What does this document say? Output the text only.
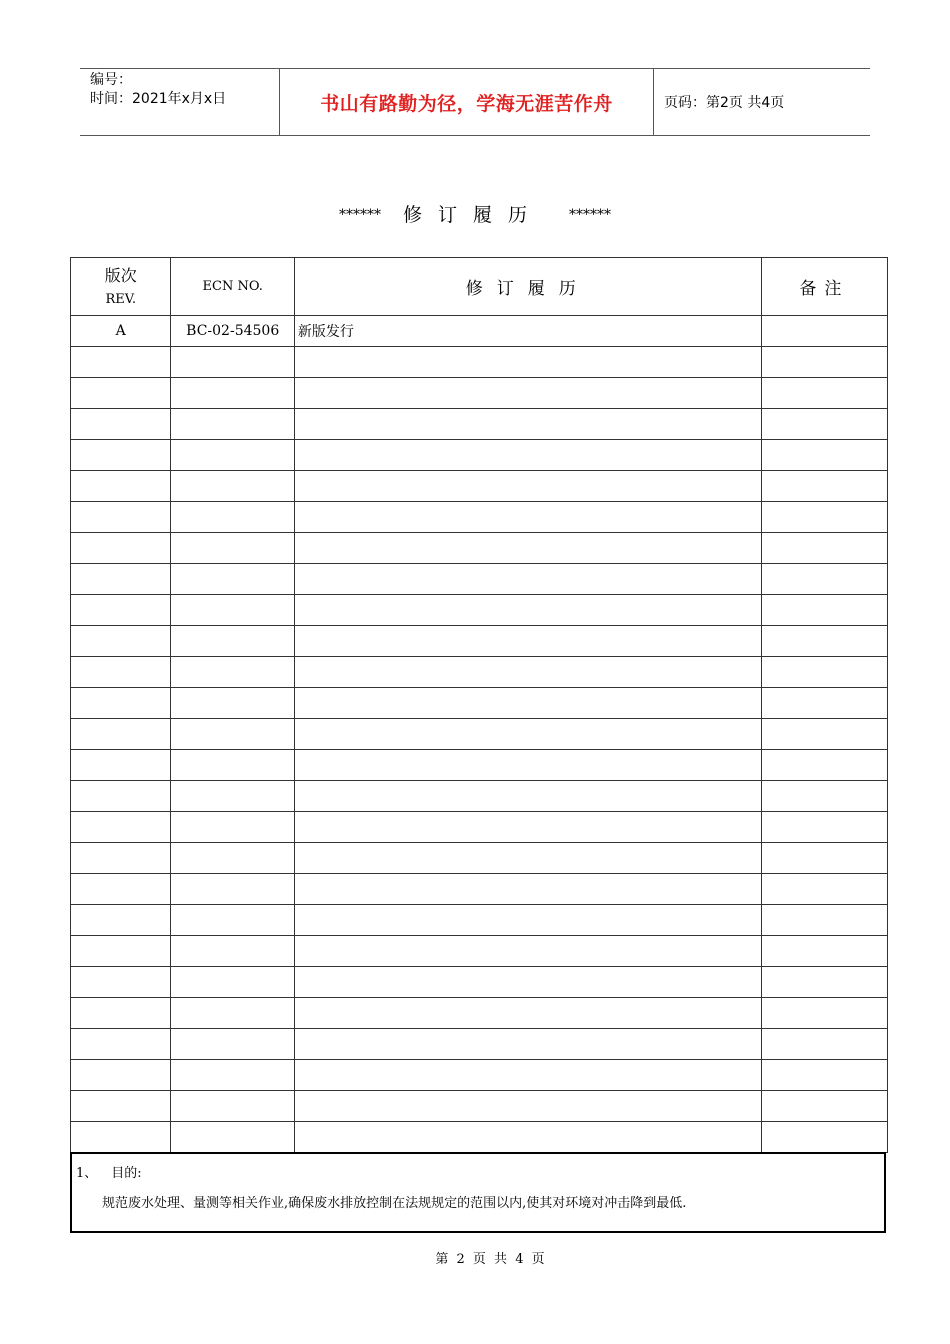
编号：
时间：2021年x月x日	书山有路勤为径，学海无涯苦作舟	页码：第2页 共4页
****** 修订履历 ******
版次
REV.	ECN NO.	修订履历	备注
A	BC-02-54506	新版发行	

1、 目的:
规范废水处理、量测等相关作业,确保废水排放控制在法规规定的范围以内,使其对环境对冲击降到最低.
第 2 页 共 4 页
